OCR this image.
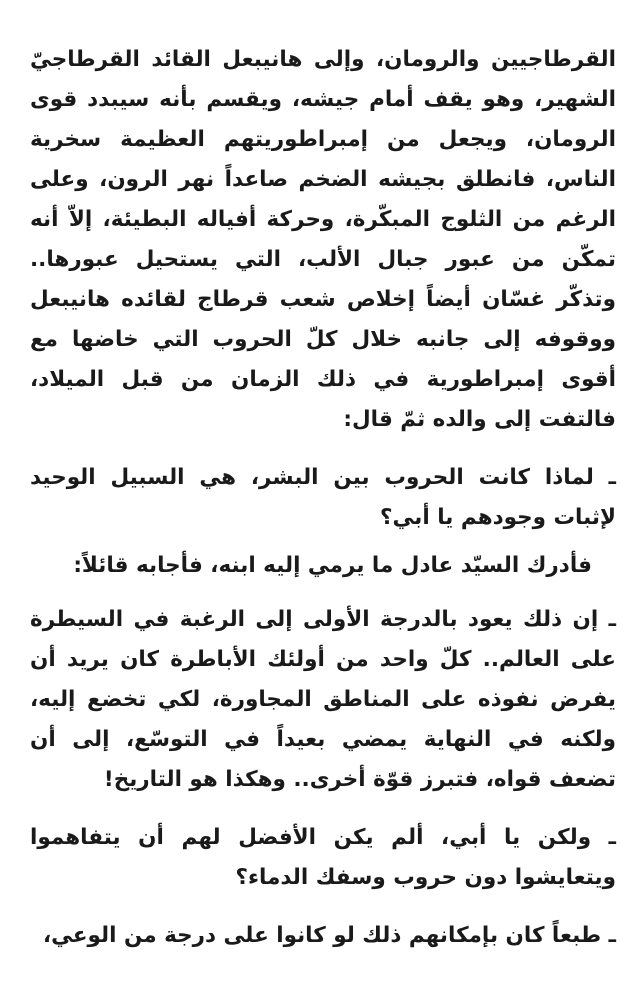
القرطاجيين والرومان، وإلى هانيبعل القائد القرطاجيّ الشهير، وهو يقف أمام جيشه، ويقسم بأنه سيبدد قوى الرومان، ويجعل من إمبراطوريتهم العظيمة سخرية الناس، فانطلق بجيشه الضخم صاعداً نهر الرون، وعلى الرغم من الثلوج المبكّرة، وحركة أفياله البطيئة، إلاّ أنه تمكّن من عبور جبال الألب، التي يستحيل عبورها.. وتذكّر غسّان أيضاً إخلاص شعب قرطاج لقائده هانيبعل ووقوفه إلى جانبه خلال كلّ الحروب التي خاضها مع أقوى إمبراطورية في ذلك الزمان من قبل الميلاد، فالتفت إلى والده ثمّ قال:

ـ لماذا كانت الحروب بين البشر، هي السبيل الوحيد لإثبات وجودهم يا أبي؟

فأدرك السيّد عادل ما يرمي إليه ابنه، فأجابه قائلاً:

ـ إن ذلك يعود بالدرجة الأولى إلى الرغبة في السيطرة على العالم.. كلّ واحد من أولئك الأباطرة كان يريد أن يفرض نفوذه على المناطق المجاورة، لكي تخضع إليه، ولكنه في النهاية يمضي بعيداً في التوسّع، إلى أن تضعف قواه، فتبرز قوّة أخرى.. وهكذا هو التاريخ!

ـ ولكن يا أبي، ألم يكن الأفضل لهم أن يتفاهموا ويتعايشوا دون حروب وسفك الدماء؟

ـ طبعاً كان بإمكانهم ذلك لو كانوا على درجة من الوعي،
